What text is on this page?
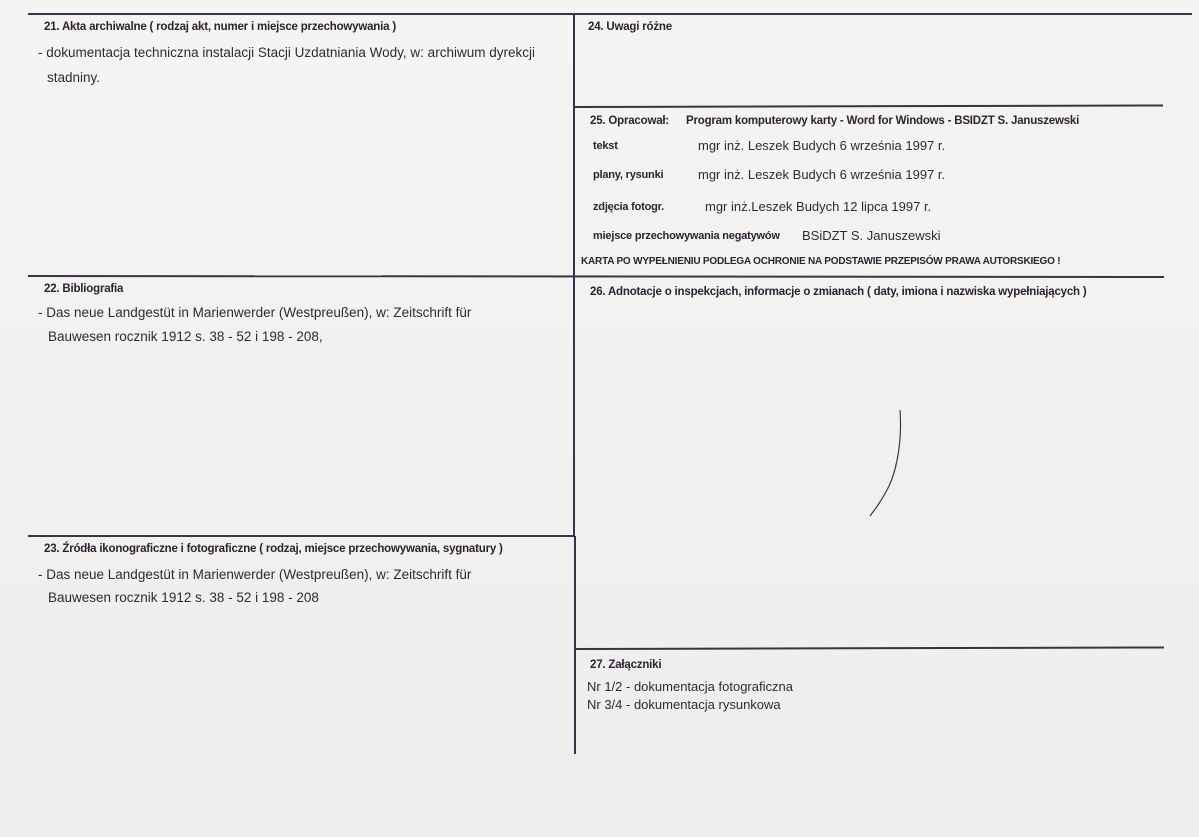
21. Akta archiwalne ( rodzaj akt, numer i miejsce przechowywania )
- dokumentacja techniczna instalacji Stacji Uzdatniania Wody, w: archiwum dyrekcji
stadniny.
24. Uwagi różne
25. Opracował: Program komputerowy karty - Word for Windows - BSIDZT S. Januszewski
tekst	mgr inż. Leszek Budych 6 września 1997 r.
plany, rysunki	mgr inż. Leszek Budych 6 września 1997 r.
zdjęcia fotogr.	mgr inż.Leszek Budych 12 lipca 1997 r.
miejsce przechowywania negatywów BSiDZT S. Januszewski
KARTA PO WYPEŁNIENIU PODLEGA OCHRONIE NA PODSTAWIE PRZEPISÓW PRAWA AUTORSKIEGO !
22. Bibliografia
- Das neue Landgestüt in Marienwerder (Westpreußen), w: Zeitschrift für
Bauwesen rocznik 1912 s. 38 - 52 i 198 - 208,
26. Adnotacje o inspekcjach, informacje o zmianach ( daty, imiona i nazwiska wypełniających )
23. Źródła ikonograficzne i fotograficzne ( rodzaj, miejsce przechowywania, sygnatury )
- Das neue Landgestüt in Marienwerder (Westpreußen), w: Zeitschrift für
Bauwesen rocznik 1912 s. 38 - 52 i 198 - 208
27. Załączniki
Nr 1/2 - dokumentacja fotograficzna
Nr 3/4 - dokumentacja rysunkowa
